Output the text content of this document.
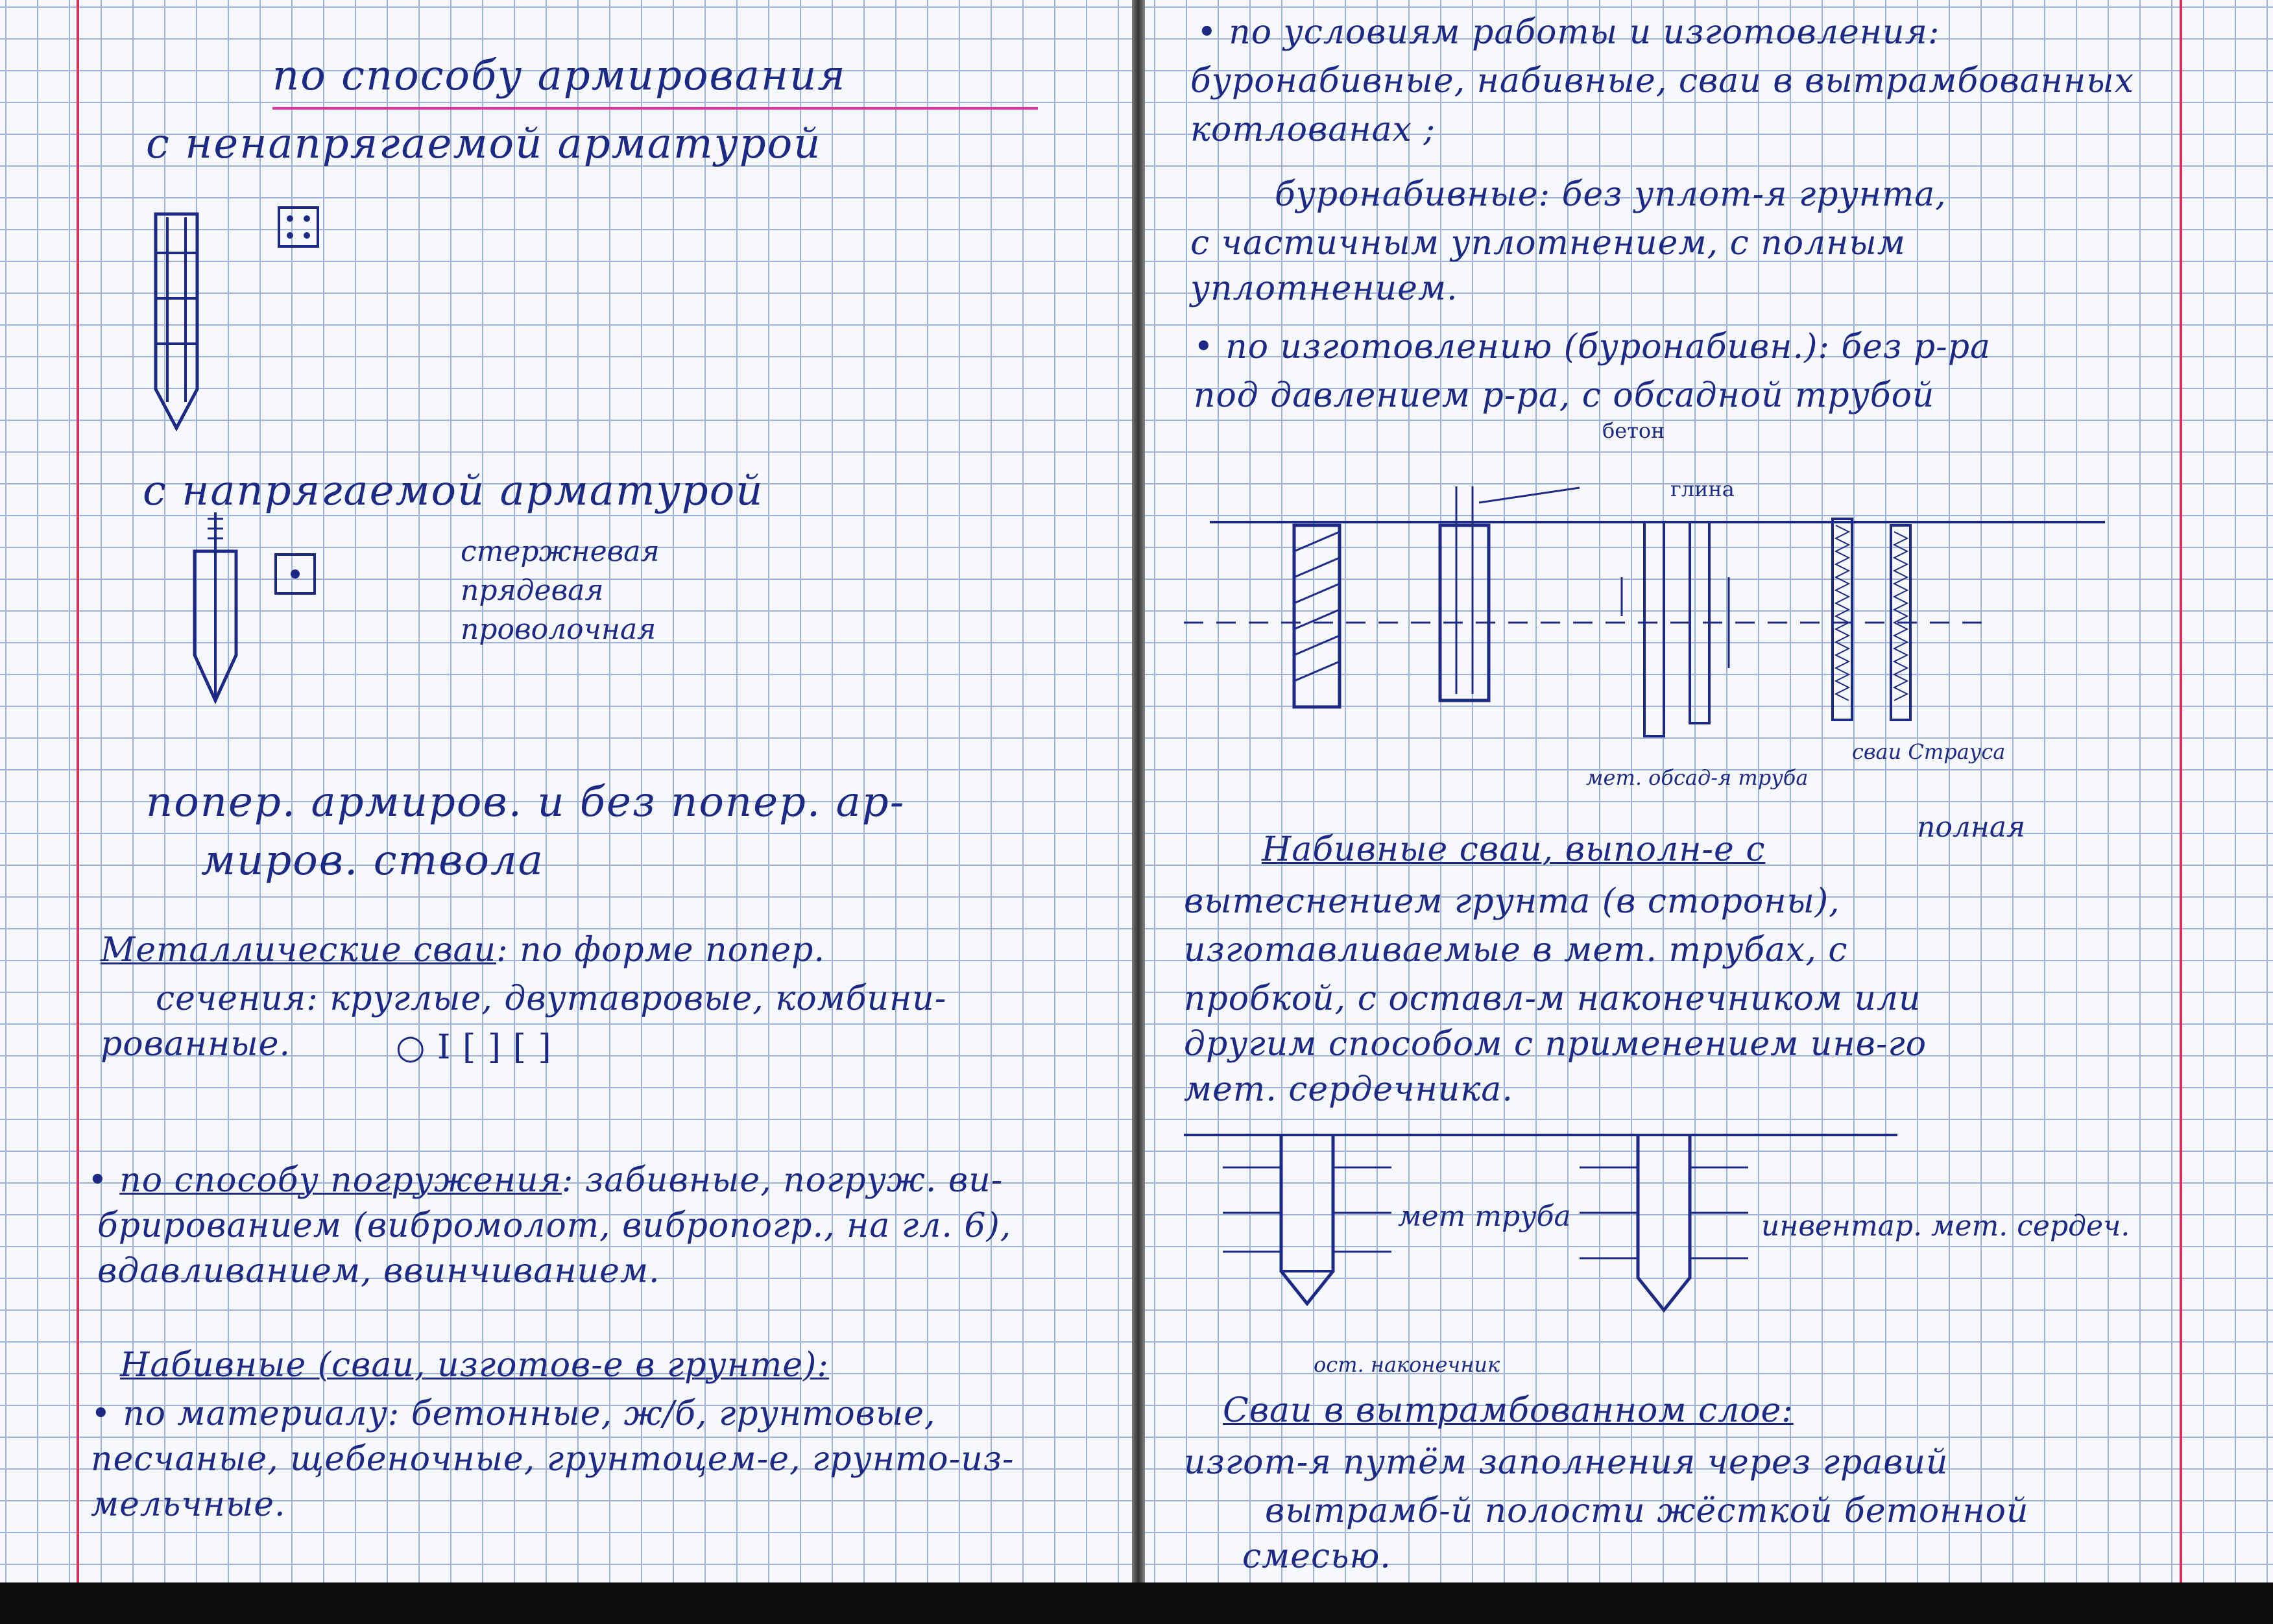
по способу армирования
с ненапрягаемой арматурой
с напрягаемой арматурой
стержневая
прядевая
проволочная
попер. армиров. и без попер. ар-
миров. ствола
Металлические сваи: по форме попер.
сечения: круглые, двутавровые, комбини-
рованные.	○ I [ ] [ ]
• по способу погружения: забивные, погруж. ви-
брированием (вибромолот, вибропогр., на гл. 6),
вдавливанием, ввинчиванием.
Набивные (сваи, изготов-е в грунте):
• по материалу: бетонные, ж/б, грунтовые,
песчаные, щебеночные, грунтоцем-е, грунто-из-
мельчные.
• по условиям работы и изготовления:
буронабивные, набивные, сваи в вытрамбованных
котлованах ;
буронабивные: без уплот-я грунта,
с частичным уплотнением, с полным
уплотнением.
• по изготовлению (буронабивн.): без р-ра
под давлением р-ра, с обсадной трубой
бетон
глина
мет. обсад-я труба
сваи Страуса
полная
Набивные сваи, выполн-е с
вытеснением грунта (в стороны),
изготавливаемые в мет. трубах, с
пробкой, с оставл-м наконечником или
другим способом с применением инв-го
мет. сердечника.
мет труба	инвентар. мет. сердеч.
ост. наконечник
Сваи в вытрамбованном слое:
изгот-я путём заполнения через гравий
вытрамб-й полости жёсткой бетонной
смесью.
